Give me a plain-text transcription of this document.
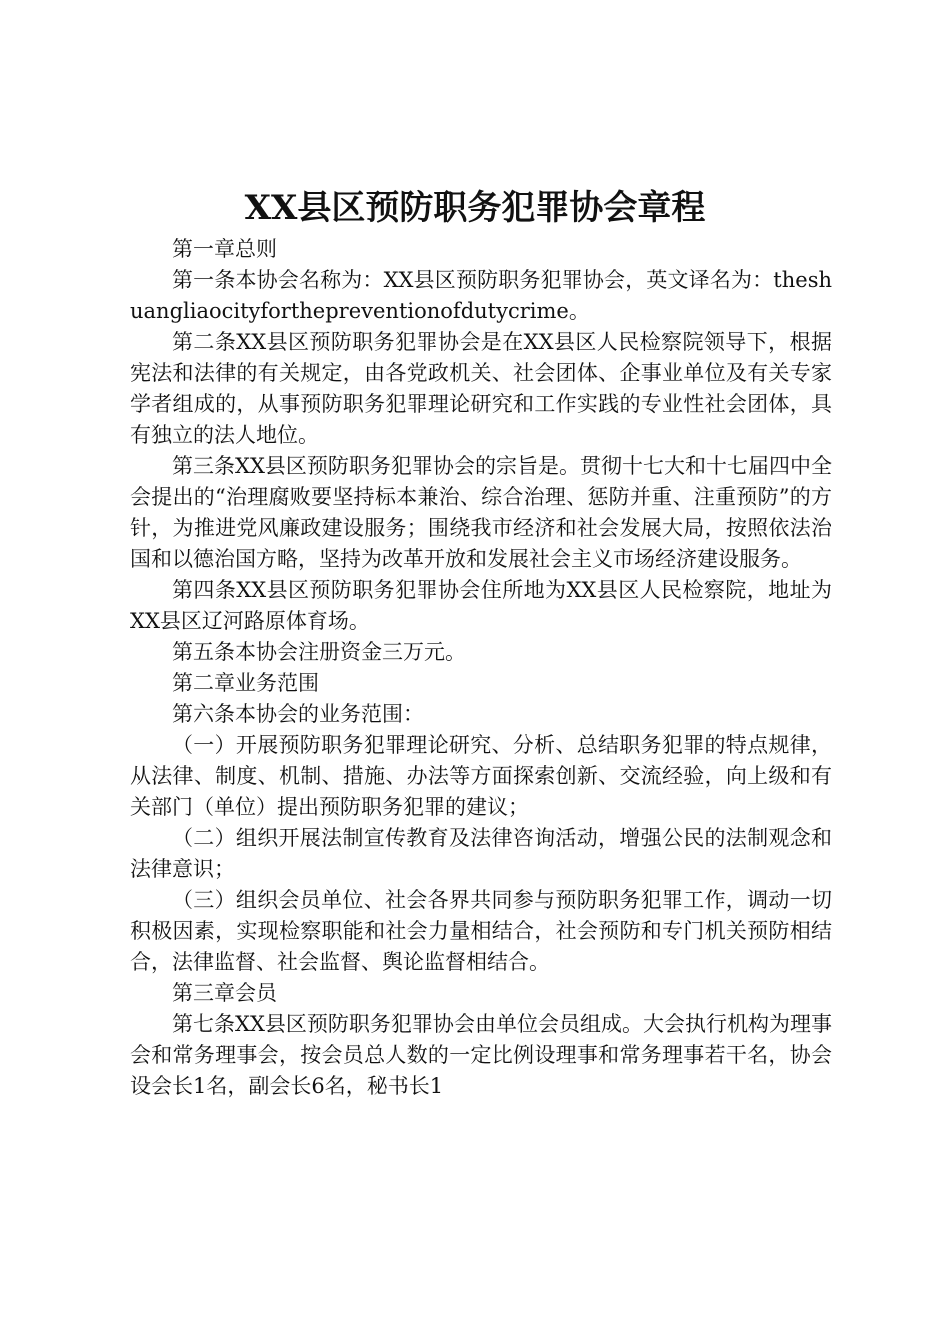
XX县区预防职务犯罪协会章程

第一章总则

第一条本协会名称为：XX县区预防职务犯罪协会，英文译名为：theshuangliaocityforthepreventionofdutycrime。

第二条XX县区预防职务犯罪协会是在XX县区人民检察院领导下，根据宪法和法律的有关规定，由各党政机关、社会团体、企事业单位及有关专家学者组成的，从事预防职务犯罪理论研究和工作实践的专业性社会团体，具有独立的法人地位。

第三条XX县区预防职务犯罪协会的宗旨是。贯彻十七大和十七届四中全会提出的“治理腐败要坚持标本兼治、综合治理、惩防并重、注重预防”的方针，为推进党风廉政建设服务；围绕我市经济和社会发展大局，按照依法治国和以德治国方略，坚持为改革开放和发展社会主义市场经济建设服务。

第四条XX县区预防职务犯罪协会住所地为XX县区人民检察院，地址为XX县区辽河路原体育场。

第五条本协会注册资金三万元。

第二章业务范围

第六条本协会的业务范围：

（一）开展预防职务犯罪理论研究、分析、总结职务犯罪的特点规律，从法律、制度、机制、措施、办法等方面探索创新、交流经验，向上级和有关部门（单位）提出预防职务犯罪的建议；

（二）组织开展法制宣传教育及法律咨询活动，增强公民的法制观念和法律意识；

（三）组织会员单位、社会各界共同参与预防职务犯罪工作，调动一切积极因素，实现检察职能和社会力量相结合，社会预防和专门机关预防相结合，法律监督、社会监督、舆论监督相结合。

第三章会员

第七条XX县区预防职务犯罪协会由单位会员组成。大会执行机构为理事会和常务理事会，按会员总人数的一定比例设理事和常务理事若干名，协会设会长1名，副会长6名，秘书长1
